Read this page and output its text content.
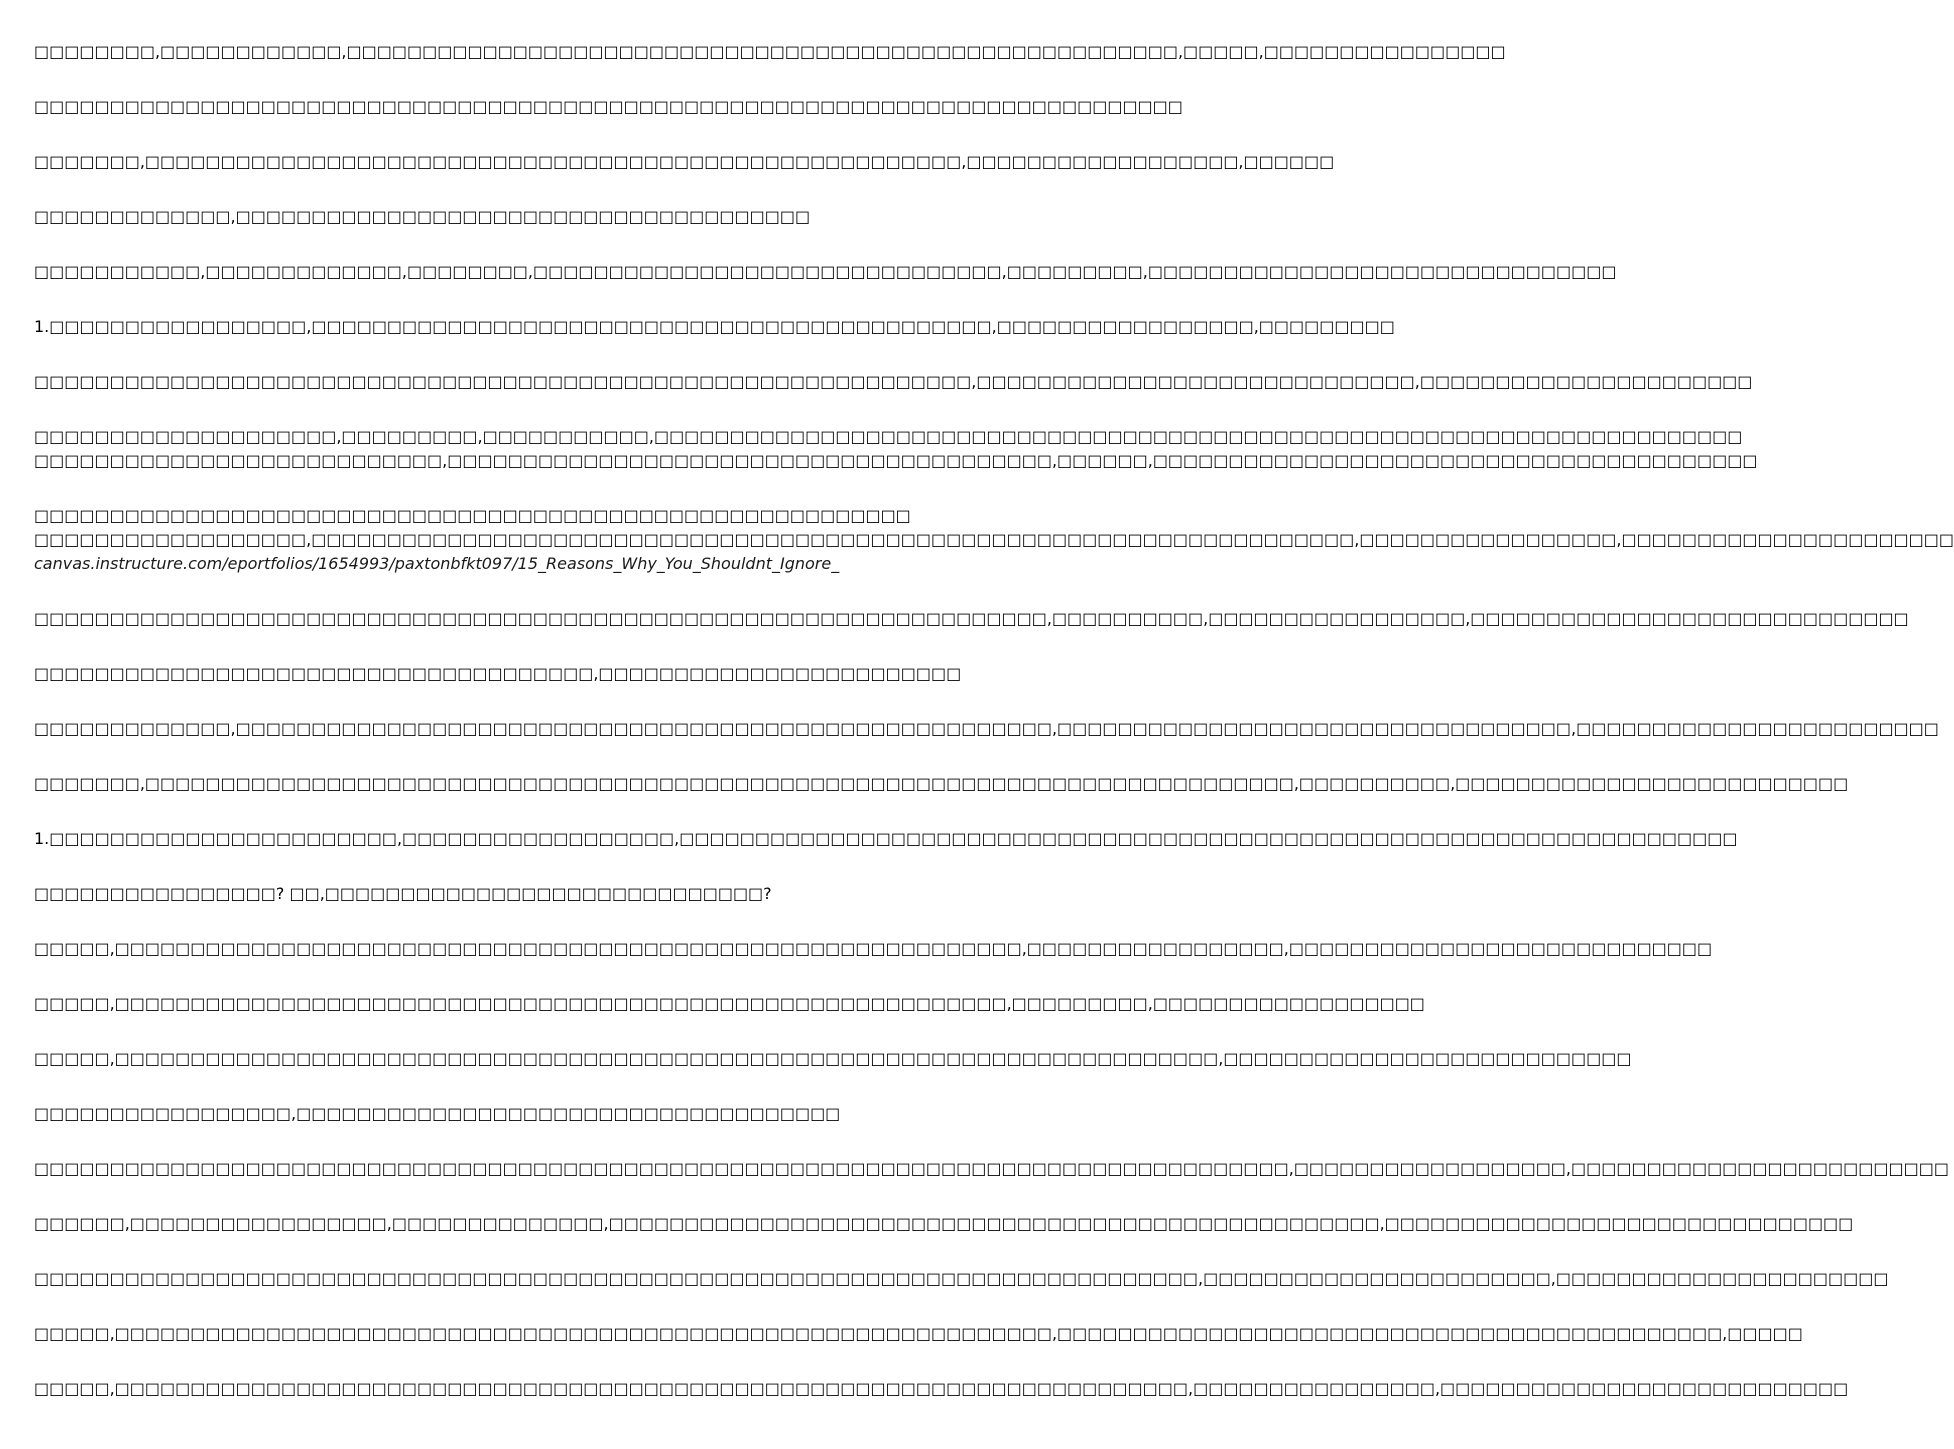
□□□□□□□□,□□□□□□□□□□□□,□□□□□□□□□□□□□□□□□□□□□□□□□□□□□□□□□□□□□□□□□□□□□□□□□□□□□□□,□□□□□,□□□□□□□□□□□□□□□□
□□□□□□□□□□□□□□□□□□□□□□□□□□□□□□□□□□□□□□□□□□□□□□□□□□□□□□□□□□□□□□□□□□□□□□□□□□□□
□□□□□□□,□□□□□□□□□□□□□□□□□□□□□□□□□□□□□□□□□□□□□□□□□□□□□□□□□□□□□□,□□□□□□□□□□□□□□□□□□,□□□□□□
□□□□□□□□□□□□□,□□□□□□□□□□□□□□□□□□□□□□□□□□□□□□□□□□□□□□
□□□□□□□□□□□,□□□□□□□□□□□□□,□□□□□□□□,□□□□□□□□□□□□□□□□□□□□□□□□□□□□□□□,□□□□□□□□□,□□□□□□□□□□□□□□□□□□□□□□□□□□□□□□□
1.□□□□□□□□□□□□□□□□□,□□□□□□□□□□□□□□□□□□□□□□□□□□□□□□□□□□□□□□□□□□□□□,□□□□□□□□□□□□□□□□□,□□□□□□□□□
□□□□□□□□□□□□□□□□□□□□□□□□□□□□□□□□□□□□□□□□□□□□□□□□□□□□□□□□□□□□□□,□□□□□□□□□□□□□□□□□□□□□□□□□□□□□,□□□□□□□□□□□□□□□□□□□□□□
□□□□□□□□□□□□□□□□□□□□,□□□□□□□□□,□□□□□□□□□□□,□□□□□□□□□□□□□□□□□□□□□□□□□□□□□□□□□□□□□□□□□□□□□□□□□□□□□□□□□□□□□□□□□□□□□□□□
□□□□□□□□□□□□□□□□□□□□□□□□□□□,□□□□□□□□□□□□□□□□□□□□□□□□□□□□□□□□□□□□□□□□,□□□□□□,□□□□□□□□□□□□□□□□□□□□□□□□□□□□□□□□□□□□□□□□
□□□□□□□□□□□□□□□□□□□□□□□□□□□□□□□□□□□□□□□□□□□□□□□□□□□□□□□□□□
□□□□□□□□□□□□□□□□□□,□□□□□□□□□□□□□□□□□□□□□□□□□□□□□□□□□□□□□□□□□□□□□□□□□□□□□□□□□□□□□□□□□□□□□,□□□□□□□□□□□□□□□□□,□□□□□□□□□□□□□□□□□□□□□□
canvas.instructure.com/eportfolios/1654993/paxtonbfkt097/15_Reasons_Why_You_Shouldnt_Ignore_
□□□□□□□□□□□□□□□□□□□□□□□□□□□□□□□□□□□□□□□□□□□□□□□□□□□□□□□□□□□□□□□□□□□,□□□□□□□□□□,□□□□□□□□□□□□□□□□□,□□□□□□□□□□□□□□□□□□□□□□□□□□□□□
□□□□□□□□□□□□□□□□□□□□□□□□□□□□□□□□□□□□□,□□□□□□□□□□□□□□□□□□□□□□□□
□□□□□□□□□□□□□,□□□□□□□□□□□□□□□□□□□□□□□□□□□□□□□□□□□□□□□□□□□□□□□□□□□□□□,□□□□□□□□□□□□□□□□□□□□□□□□□□□□□□□□□□,□□□□□□□□□□□□□□□□□□□□□□□□
□□□□□□□,□□□□□□□□□□□□□□□□□□□□□□□□□□□□□□□□□□□□□□□□□□□□□□□□□□□□□□□□□□□□□□□□□□□□□□□□□□□□,□□□□□□□□□□,□□□□□□□□□□□□□□□□□□□□□□□□□□
1.□□□□□□□□□□□□□□□□□□□□□□□,□□□□□□□□□□□□□□□□□□,□□□□□□□□□□□□□□□□□□□□□□□□□□□□□□□□□□□□□□□□□□□□□□□□□□□□□□□□□□□□□□□□□□□□□□
□□□□□□□□□□□□□□□□? □□,□□□□□□□□□□□□□□□□□□□□□□□□□□□□□?
□□□□□,□□□□□□□□□□□□□□□□□□□□□□□□□□□□□□□□□□□□□□□□□□□□□□□□□□□□□□□□□□□□,□□□□□□□□□□□□□□□□□,□□□□□□□□□□□□□□□□□□□□□□□□□□□□
□□□□□,□□□□□□□□□□□□□□□□□□□□□□□□□□□□□□□□□□□□□□□□□□□□□□□□□□□□□□□□□□□,□□□□□□□□□,□□□□□□□□□□□□□□□□□□
□□□□□,□□□□□□□□□□□□□□□□□□□□□□□□□□□□□□□□□□□□□□□□□□□□□□□□□□□□□□□□□□□□□□□□□□□□□□□□□,□□□□□□□□□□□□□□□□□□□□□□□□□□□
□□□□□□□□□□□□□□□□□,□□□□□□□□□□□□□□□□□□□□□□□□□□□□□□□□□□□□
□□□□□□□□□□□□□□□□□□□□□□□□□□□□□□□□□□□□□□□□□□□□□□□□□□□□□□□□□□□□□□□□□□□□□□□□□□□□□□□□□□□,□□□□□□□□□□□□□□□□□□,□□□□□□□□□□□□□□□□□□□□□□□□□
□□□□□□,□□□□□□□□□□□□□□□□□,□□□□□□□□□□□□□□,□□□□□□□□□□□□□□□□□□□□□□□□□□□□□□□□□□□□□□□□□□□□□□□□□□□,□□□□□□□□□□□□□□□□□□□□□□□□□□□□□□□
□□□□□□□□□□□□□□□□□□□□□□□□□□□□□□□□□□□□□□□□□□□□□□□□□□□□□□□□□□□□□□□□□□□□□□□□□□□□□,□□□□□□□□□□□□□□□□□□□□□□□,□□□□□□□□□□□□□□□□□□□□□□
□□□□□,□□□□□□□□□□□□□□□□□□□□□□□□□□□□□□□□□□□□□□□□□□□□□□□□□□□□□□□□□□□□□□,□□□□□□□□□□□□□□□□□□□□□□□□□□□□□□□□□□□□□□□□□□□□,□□□□□
□□□□□,□□□□□□□□□□□□□□□□□□□□□□□□□□□□□□□□□□□□□□□□□□□□□□□□□□□□□□□□□□□□□□□□□□□□□□□,□□□□□□□□□□□□□□□□,□□□□□□□□□□□□□□□□□□□□□□□□□□□
